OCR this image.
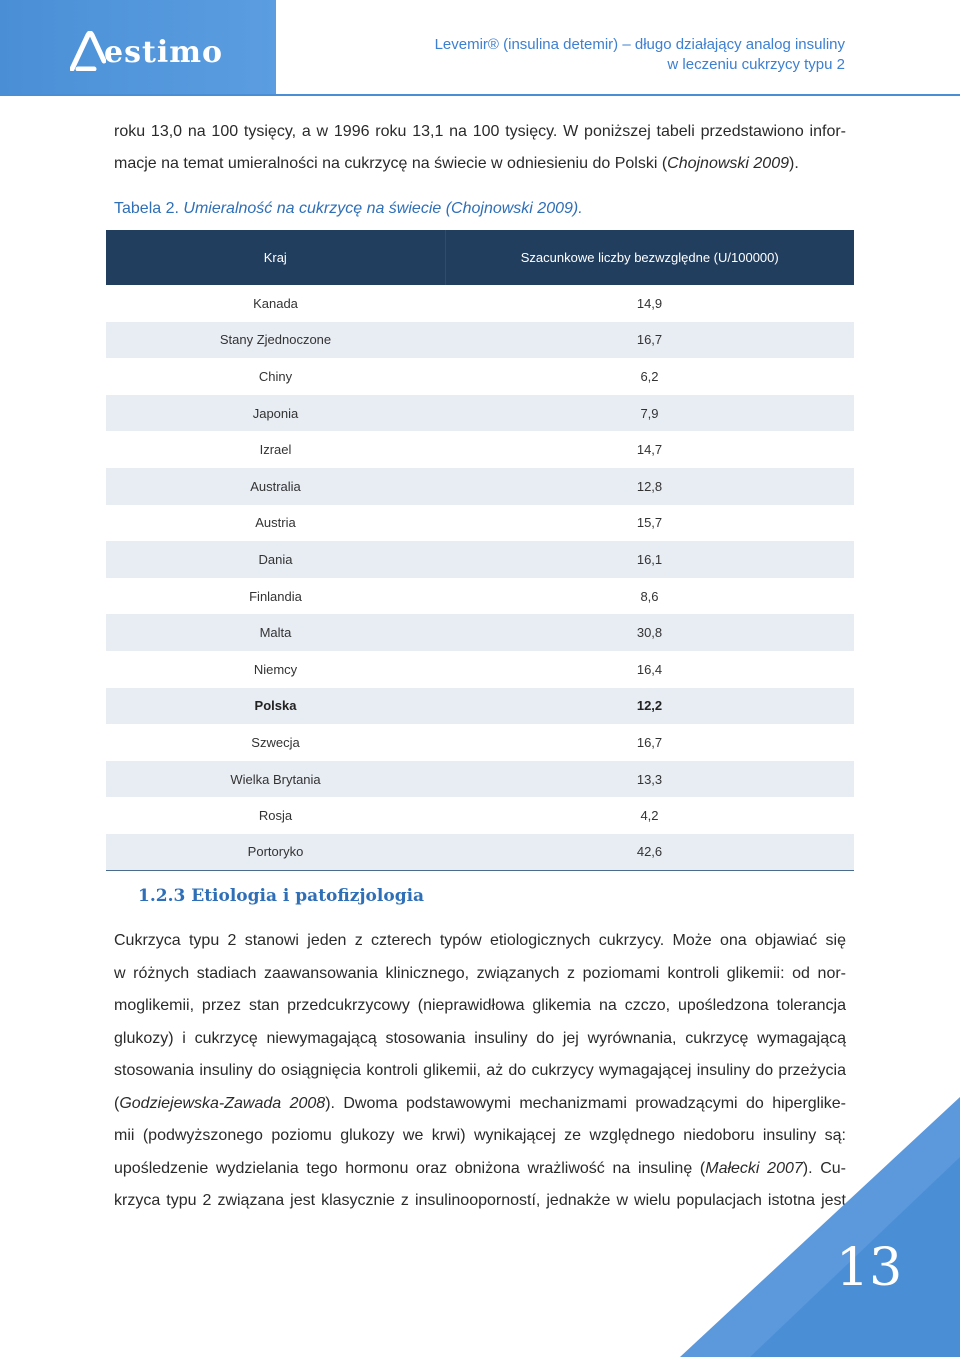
estimo	Levemir® (insulina detemir) – długo działający analog insuliny
w leczeniu cukrzycy typu 2
roku 13,0 na 100 tysięcy, a w 1996 roku 13,1 na 100 tysięcy. W poniższej tabeli przedstawiono infor-
macje na temat umieralności na cukrzycę na świecie w odniesieniu do Polski (Chojnowski 2009).
Tabela 2. Umieralność na cukrzycę na świecie (Chojnowski 2009).
Kraj	Szacunkowe liczby bezwzględne (U/100000)
Kanada	14,9
Stany Zjednoczone	16,7
Chiny	6,2
Japonia	7,9
Izrael	14,7
Australia	12,8
Austria	15,7
Dania	16,1
Finlandia	8,6
Malta	30,8
Niemcy	16,4
Polska	12,2
Szwecja	16,7
Wielka Brytania	13,3
Rosja	4,2
Portoryko	42,6
1.2.3 Etiologia i patofizjologia
Cukrzyca typu 2 stanowi jeden z czterech typów etiologicznych cukrzycy. Może ona objawiać się
w różnych stadiach zaawansowania klinicznego, związanych z poziomami kontroli glikemii: od nor-
moglikemii, przez stan przedcukrzycowy (nieprawidłowa glikemia na czczo, upośledzona tolerancja
glukozy) i cukrzycę niewymagającą stosowania insuliny do jej wyrównania, cukrzycę wymagającą
stosowania insuliny do osiągnięcia kontroli glikemii, aż do cukrzycy wymagającej insuliny do przeżycia
(Godziejewska-Zawada 2008). Dwoma podstawowymi mechanizmami prowadzącymi do hiperglike-
mii (podwyższonego poziomu glukozy we krwi) wynikającej ze względnego niedoboru insuliny są:
upośledzenie wydzielania tego hormonu oraz obniżona wrażliwość na insulinę (Małecki 2007). Cu-
krzyca typu 2 związana jest klasycznie z insulinooporností, jednakże w wielu populacjach istotna jest
13
